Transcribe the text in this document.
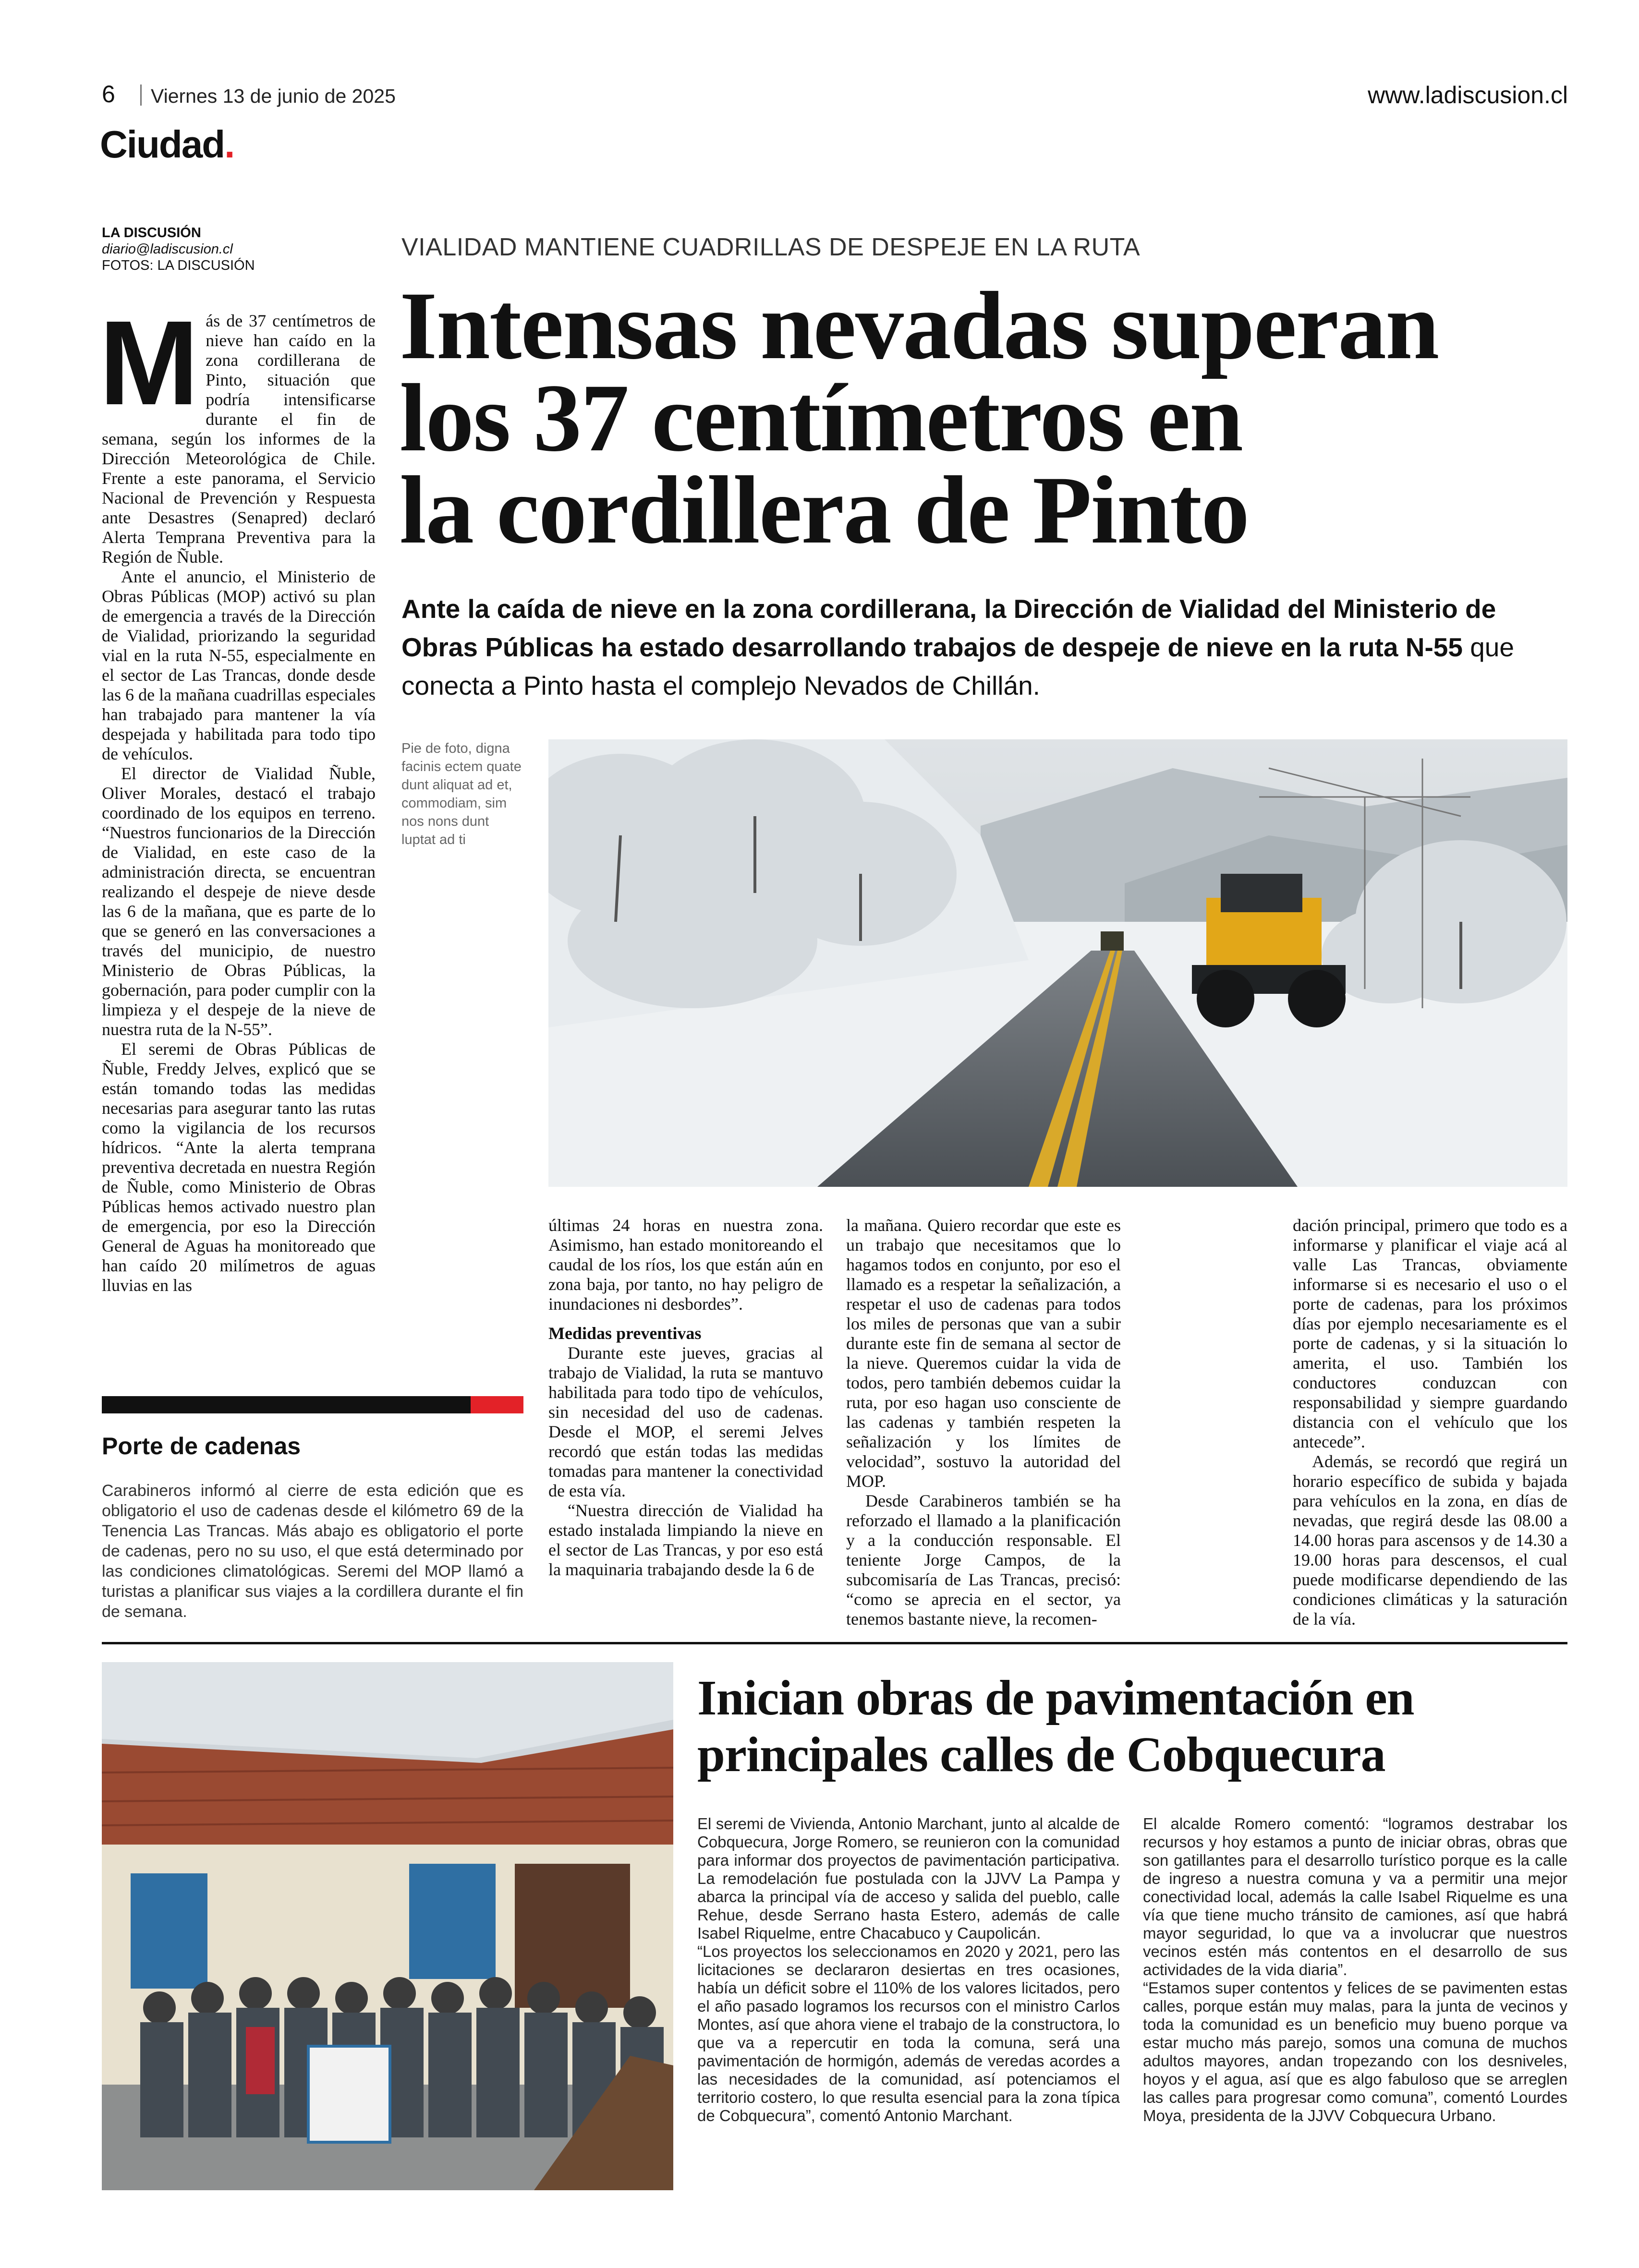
6 Viernes 13 de junio de 2025	www.ladiscusion.cl
Ciudad.
LA DISCUSIÓN
diario@ladiscusion.cl
FOTOS: LA DISCUSIÓN
VIALIDAD MANTIENE CUADRILLAS DE DESPEJE EN LA RUTA
Intensas nevadas superan
los 37 centímetros en
la cordillera de Pinto
Ante la caída de nieve en la zona cordillerana, la Dirección de Vialidad del Ministerio de Obras Públicas ha estado desarrollando trabajos de despeje de nieve en la ruta N-55 que conecta a Pinto hasta el complejo Nevados de Chillán.
M ás de 37 centímetros de nieve han caído en la zona cordillerana de Pinto, situación que podría intensificarse durante el fin de semana, según los informes de la Dirección Meteorológica de Chile. Frente a este panorama, el Servicio Nacional de Prevención y Respuesta ante Desastres (Senapred) declaró Alerta Temprana Preventiva para la Región de Ñuble.

Ante el anuncio, el Ministerio de Obras Públicas (MOP) activó su plan de emergencia a través de la Dirección de Vialidad, priorizando la seguridad vial en la ruta N-55, especialmente en el sector de Las Trancas, donde desde las 6 de la mañana cuadrillas especiales han trabajado para mantener la vía despejada y habilitada para todo tipo de vehículos.

El director de Vialidad Ñuble, Oliver Morales, destacó el trabajo coordinado de los equipos en terreno. “Nuestros funcionarios de la Dirección de Vialidad, en este caso de la administración directa, se encuentran realizando el despeje de nieve desde las 6 de la mañana, que es parte de lo que se generó en las conversaciones a través del municipio, de nuestro Ministerio de Obras Públicas, la gobernación, para poder cumplir con la limpieza y el despeje de la nieve de nuestra ruta de la N-55”.

El seremi de Obras Públicas de Ñuble, Freddy Jelves, explicó que se están tomando todas las medidas necesarias para asegurar tanto las rutas como la vigilancia de los recursos hídricos. “Ante la alerta temprana preventiva decretada en nuestra Región de Ñuble, como Ministerio de Obras Públicas hemos activado nuestro plan de emergencia, por eso la Dirección General de Aguas ha monitoreado que han caído 20 milímetros de aguas lluvias en las

Pie de foto, digna facinis ectem quate dunt aliquat ad et, commodiam, sim nos nons dunt luptat ad ti

últimas 24 horas en nuestra zona. Asimismo, han estado monitoreando el caudal de los ríos, los que están aún en zona baja, por tanto, no hay peligro de inundaciones ni desbordes”.

Medidas preventivas

Durante este jueves, gracias al trabajo de Vialidad, la ruta se mantuvo habilitada para todo tipo de vehículos, sin necesidad del uso de cadenas. Desde el MOP, el seremi Jelves recordó que están todas las medidas tomadas para mantener la conectividad de esta vía.

“Nuestra dirección de Vialidad ha estado instalada limpiando la nieve en el sector de Las Trancas, y por eso está la maquinaria trabajando desde la 6 de

la mañana. Quiero recordar que este es un trabajo que necesitamos que lo hagamos todos en conjunto, por eso el llamado es a respetar la señalización, a respetar el uso de cadenas para todos los miles de personas que van a subir durante este fin de semana al sector de la nieve. Queremos cuidar la vida de todos, pero también debemos cuidar la ruta, por eso hagan uso consciente de las cadenas y también respeten la señalización y los límites de velocidad”, sostuvo la autoridad del MOP.

Desde Carabineros también se ha reforzado el llamado a la planificación y a la conducción responsable. El teniente Jorge Campos, de la subcomisaría de Las Trancas, precisó: “como se aprecia en el sector, ya tenemos bastante nieve, la recomen-

dación principal, primero que todo es a informarse y planificar el viaje acá al valle Las Trancas, obviamente informarse si es necesario el uso o el porte de cadenas, para los próximos días por ejemplo necesariamente es el porte de cadenas, y si la situación lo amerita, el uso. También los conductores conduzcan con responsabilidad y siempre guardando distancia con el vehículo que los antecede”.

Además, se recordó que regirá un horario específico de subida y bajada para vehículos en la zona, en días de nevadas, que regirá desde las 08.00 a 14.00 horas para ascensos y de 14.30 a 19.00 horas para descensos, el cual puede modificarse dependiendo de las condiciones climáticas y la saturación de la vía.

Porte de cadenas
Carabineros informó al cierre de esta edición que es obligatorio el uso de cadenas desde el kilómetro 69 de la Tenencia Las Trancas. Más abajo es obligatorio el porte de cadenas, pero no su uso, el que está determinado por las condiciones climatológicas. Seremi del MOP llamó a turistas a planificar sus viajes a la cordillera durante el fin de semana.
Inician obras de pavimentación en
principales calles de Cobquecura

El seremi de Vivienda, Antonio Marchant, junto al alcalde de Cobquecura, Jorge Romero, se reunieron con la comunidad para informar dos proyectos de pavimentación participativa. La remodelación fue postulada con la JJVV La Pampa y abarca la principal vía de acceso y salida del pueblo, calle Rehue, desde Serrano hasta Estero, además de calle Isabel Riquelme, entre Chacabuco y Caupolicán.

“Los proyectos los seleccionamos en 2020 y 2021, pero las licitaciones se declararon desiertas en tres ocasiones, había un déficit sobre el 110% de los valores licitados, pero el año pasado logramos los recursos con el ministro Carlos Montes, así que ahora viene el trabajo de la constructora, lo que va a repercutir en toda la comuna, será una pavimentación de hormigón, además de veredas acordes a las necesidades de la comunidad, así potenciamos el territorio costero, lo que resulta esencial para la zona típica de Cobquecura”, comentó Antonio Marchant.

El alcalde Romero comentó: “logramos destrabar los recursos y hoy estamos a punto de iniciar obras, obras que son gatillantes para el desarrollo turístico porque es la calle de ingreso a nuestra comuna y va a permitir una mejor conectividad local, además la calle Isabel Riquelme es una vía que tiene mucho tránsito de camiones, así que habrá mayor seguridad, lo que va a involucrar que nuestros vecinos estén más contentos en el desarrollo de sus actividades de la vida diaria”.

“Estamos super contentos y felices de se pavimenten estas calles, porque están muy malas, para la junta de vecinos y toda la comunidad es un beneficio muy bueno porque va estar mucho más parejo, somos una comuna de muchos adultos mayores, andan tropezando con los desniveles, hoyos y el agua, así que es algo fabuloso que se arreglen las calles para progresar como comuna”, comentó Lourdes Moya, presidenta de la JJVV Cobquecura Urbano.
